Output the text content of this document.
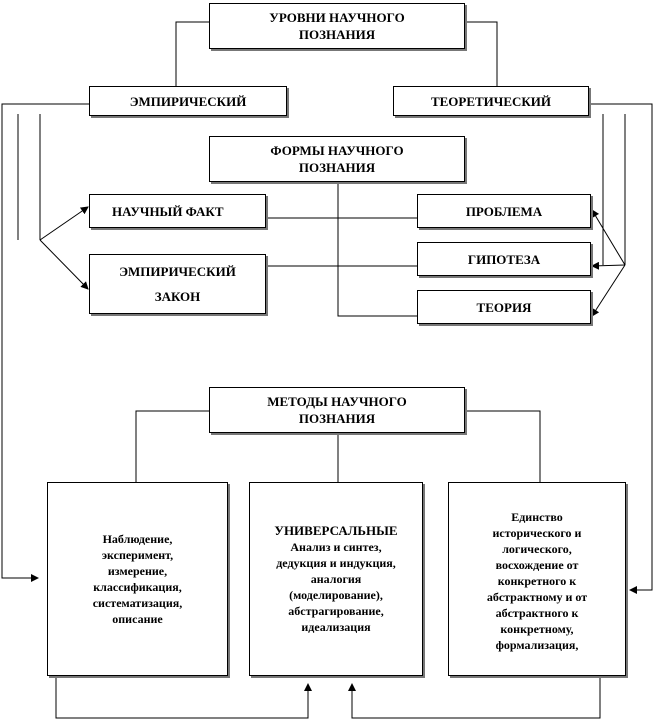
УРОВНИ НАУЧНОГО
ПОЗНАНИЯ
ЭМПИРИЧЕСКИЙ	ТЕОРЕТИЧЕСКИЙ
ФОРМЫ НАУЧНОГО
ПОЗНАНИЯ
НАУЧНЫЙ ФАКТ
ЭМПИРИЧЕСКИЙ
ЗАКОН
ПРОБЛЕМА
ГИПОТЕЗА
ТЕОРИЯ
МЕТОДЫ НАУЧНОГО
ПОЗНАНИЯ
Наблюдение,
эксперимент,
измерение,
классификация,
систематизация,
описание
УНИВЕРСАЛЬНЫЕ
Анализ и синтез,
дедукция и индукция,
аналогия
(моделирование),
абстрагирование,
идеализация
Единство
исторического и
логического,
восхождение от
конкретного к
абстрактному и от
абстрактного к
конкретному,
формализация,
